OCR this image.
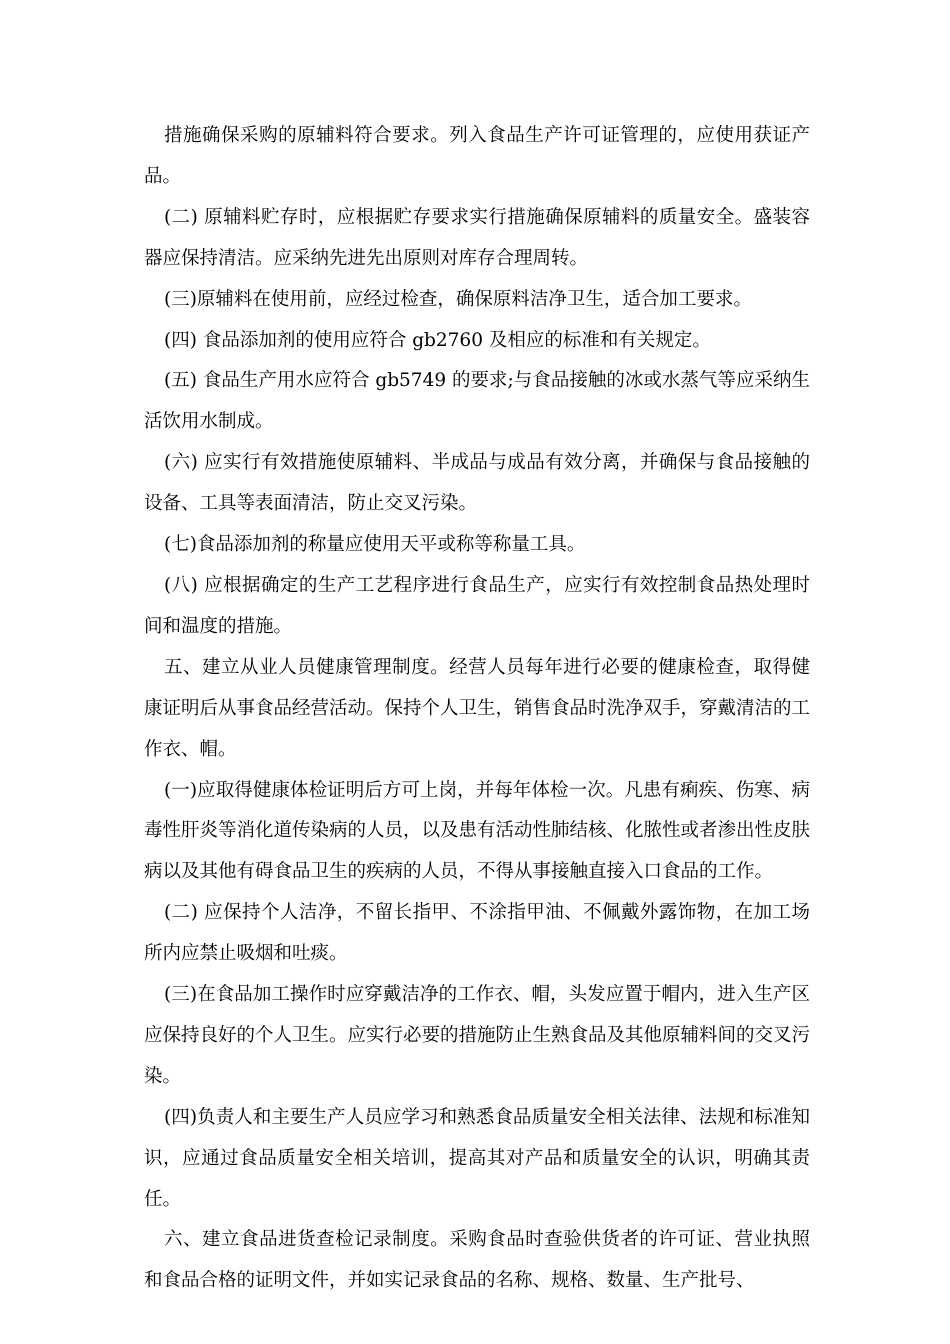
措施确保采购的原辅料符合要求。列入食品生产许可证管理的，应使用获证产品。

(二) 原辅料贮存时，应根据贮存要求实行措施确保原辅料的质量安全。盛装容器应保持清洁。应采纳先进先出原则对库存合理周转。

(三)原辅料在使用前，应经过检查，确保原料洁净卫生，适合加工要求。

(四) 食品添加剂的使用应符合 gb2760 及相应的标准和有关规定。

(五) 食品生产用水应符合 gb5749 的要求;与食品接触的冰或水蒸气等应采纳生活饮用水制成。

(六) 应实行有效措施使原辅料、半成品与成品有效分离，并确保与食品接触的设备、工具等表面清洁，防止交叉污染。

(七)食品添加剂的称量应使用天平或称等称量工具。

(八) 应根据确定的生产工艺程序进行食品生产，应实行有效控制食品热处理时间和温度的措施。

五、建立从业人员健康管理制度。经营人员每年进行必要的健康检查，取得健康证明后从事食品经营活动。保持个人卫生，销售食品时洗净双手，穿戴清洁的工作衣、帽。

(一)应取得健康体检证明后方可上岗，并每年体检一次。凡患有痢疾、伤寒、病毒性肝炎等消化道传染病的人员，以及患有活动性肺结核、化脓性或者渗出性皮肤病以及其他有碍食品卫生的疾病的人员，不得从事接触直接入口食品的工作。

(二) 应保持个人洁净，不留长指甲、不涂指甲油、不佩戴外露饰物，在加工场所内应禁止吸烟和吐痰。

(三)在食品加工操作时应穿戴洁净的工作衣、帽，头发应置于帽内，进入生产区应保持良好的个人卫生。应实行必要的措施防止生熟食品及其他原辅料间的交叉污染。

(四)负责人和主要生产人员应学习和熟悉食品质量安全相关法律、法规和标准知识，应通过食品质量安全相关培训，提高其对产品和质量安全的认识，明确其责任。

六、建立食品进货查检记录制度。采购食品时查验供货者的许可证、营业执照和食品合格的证明文件，并如实记录食品的名称、规格、数量、生产批号、
